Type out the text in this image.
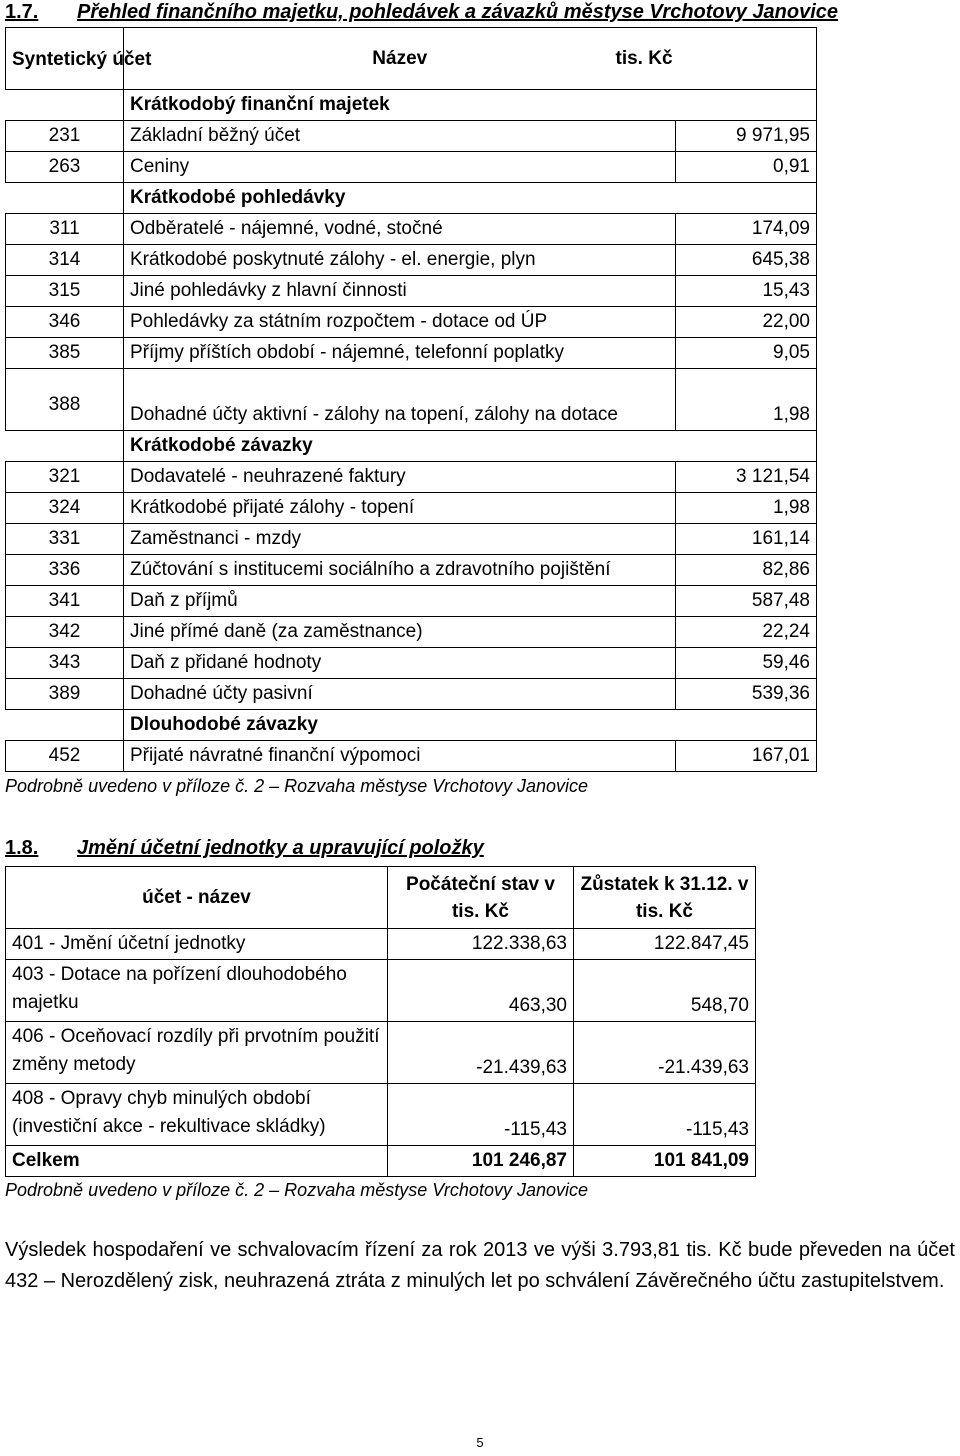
1.7. Přehled finančního majetku, pohledávek a závazků městyse Vrchotovy Janovice
Syntetický účet	Název	tis. Kč
	Krátkodobý finanční majetek	
231	Základní běžný účet	9 971,95
263	Ceniny	0,91
	Krátkodobé pohledávky	
311	Odběratelé - nájemné, vodné, stočné	174,09
314	Krátkodobé poskytnuté zálohy - el. energie, plyn	645,38
315	Jiné pohledávky z hlavní činnosti	15,43
346	Pohledávky za státním rozpočtem - dotace od ÚP	22,00
385	Příjmy příštích období - nájemné, telefonní poplatky	9,05
388	Dohadné účty aktivní - zálohy na topení, zálohy na dotace	1,98
	Krátkodobé závazky	
321	Dodavatelé - neuhrazené faktury	3 121,54
324	Krátkodobé přijaté zálohy - topení	1,98
331	Zaměstnanci - mzdy	161,14
336	Zúčtování s institucemi sociálního a zdravotního pojištění	82,86
341	Daň z příjmů	587,48
342	Jiné přímé daně (za zaměstnance)	22,24
343	Daň z přidané hodnoty	59,46
389	Dohadné účty pasivní	539,36
	Dlouhodobé závazky	
452	Přijaté návratné finanční výpomoci	167,01
Podrobně uvedeno v příloze č. 2 – Rozvaha městyse Vrchotovy Janovice
1.8. Jmění účetní jednotky a upravující položky
účet - název	Počáteční stav v tis. Kč	Zůstatek k 31.12. v tis. Kč
401 - Jmění účetní jednotky	122.338,63	122.847,45
403 - Dotace na pořízení dlouhodobého majetku	463,30	548,70
406 - Oceňovací rozdíly při prvotním použití změny metody	-21.439,63	-21.439,63
408 - Opravy chyb minulých období (investiční akce - rekultivace skládky)	-115,43	-115,43
Celkem	101 246,87	101 841,09
Podrobně uvedeno v příloze č. 2 – Rozvaha městyse Vrchotovy Janovice
Výsledek hospodaření ve schvalovacím řízení za rok 2013 ve výši 3.793,81 tis. Kč bude převeden na účet 432 – Nerozdělený zisk, neuhrazená ztráta z minulých let po schválení Závěrečného účtu zastupitelstvem.
5
